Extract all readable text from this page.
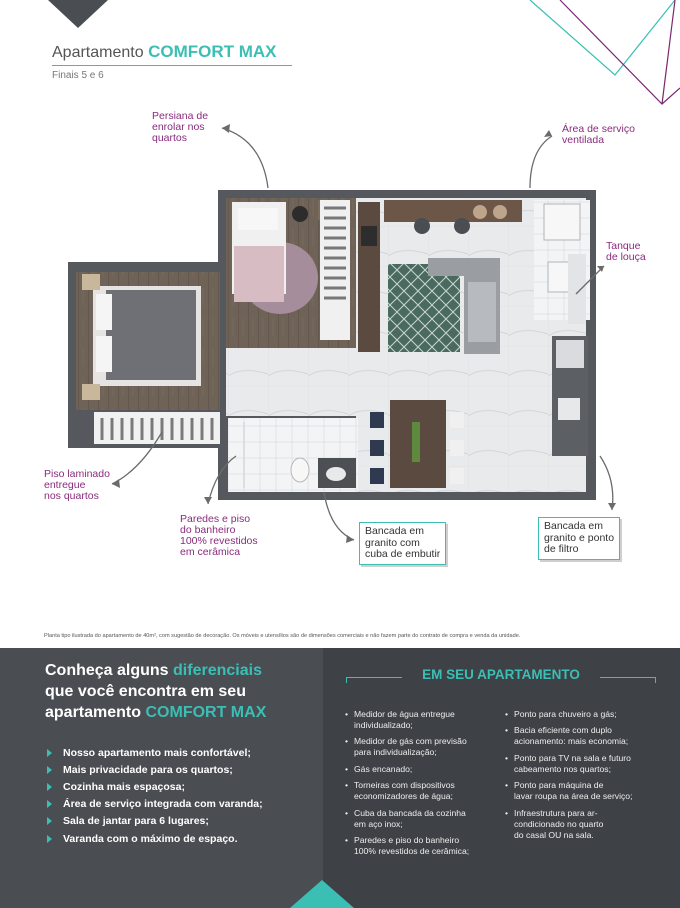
Apartamento COMFORT MAX
Finais 5 e 6
Persiana de
enrolar nos
quartos
Área de serviço
ventilada
Tanque
de louça
Piso laminado
entregue
nos quartos
Paredes e piso
do banheiro
100% revestidos
em cerâmica
Bancada em
granito com
cuba de embutir
Bancada em
granito e ponto
de filtro
Planta tipo ilustrada do apartamento de 40m², com sugestão de decoração. Os móveis e utensílios são de dimensões comerciais e não fazem parte do contrato de compra e venda da unidade.
Conheça alguns diferenciais
que você encontra em seu
apartamento COMFORT MAX
Nosso apartamento mais confortável;
Mais privacidade para os quartos;
Cozinha mais espaçosa;
Área de serviço integrada com varanda;
Sala de jantar para 6 lugares;
Varanda com o máximo de espaço.
EM SEU APARTAMENTO
• Medidor de água entregue
individualizado;
• Medidor de gás com previsão
para individualização;
• Gás encanado;
• Torneiras com dispositivos
economizadores de água;
• Cuba da bancada da cozinha
em aço inox;
• Paredes e piso do banheiro
100% revestidos de cerâmica;
• Ponto para chuveiro a gás;
• Bacia eficiente com duplo
acionamento: mais economia;
• Ponto para TV na sala e futuro
cabeamento nos quartos;
• Ponto para máquina de
lavar roupa na área de serviço;
• Infraestrutura para ar-
condicionado no quarto
do casal OU na sala.
